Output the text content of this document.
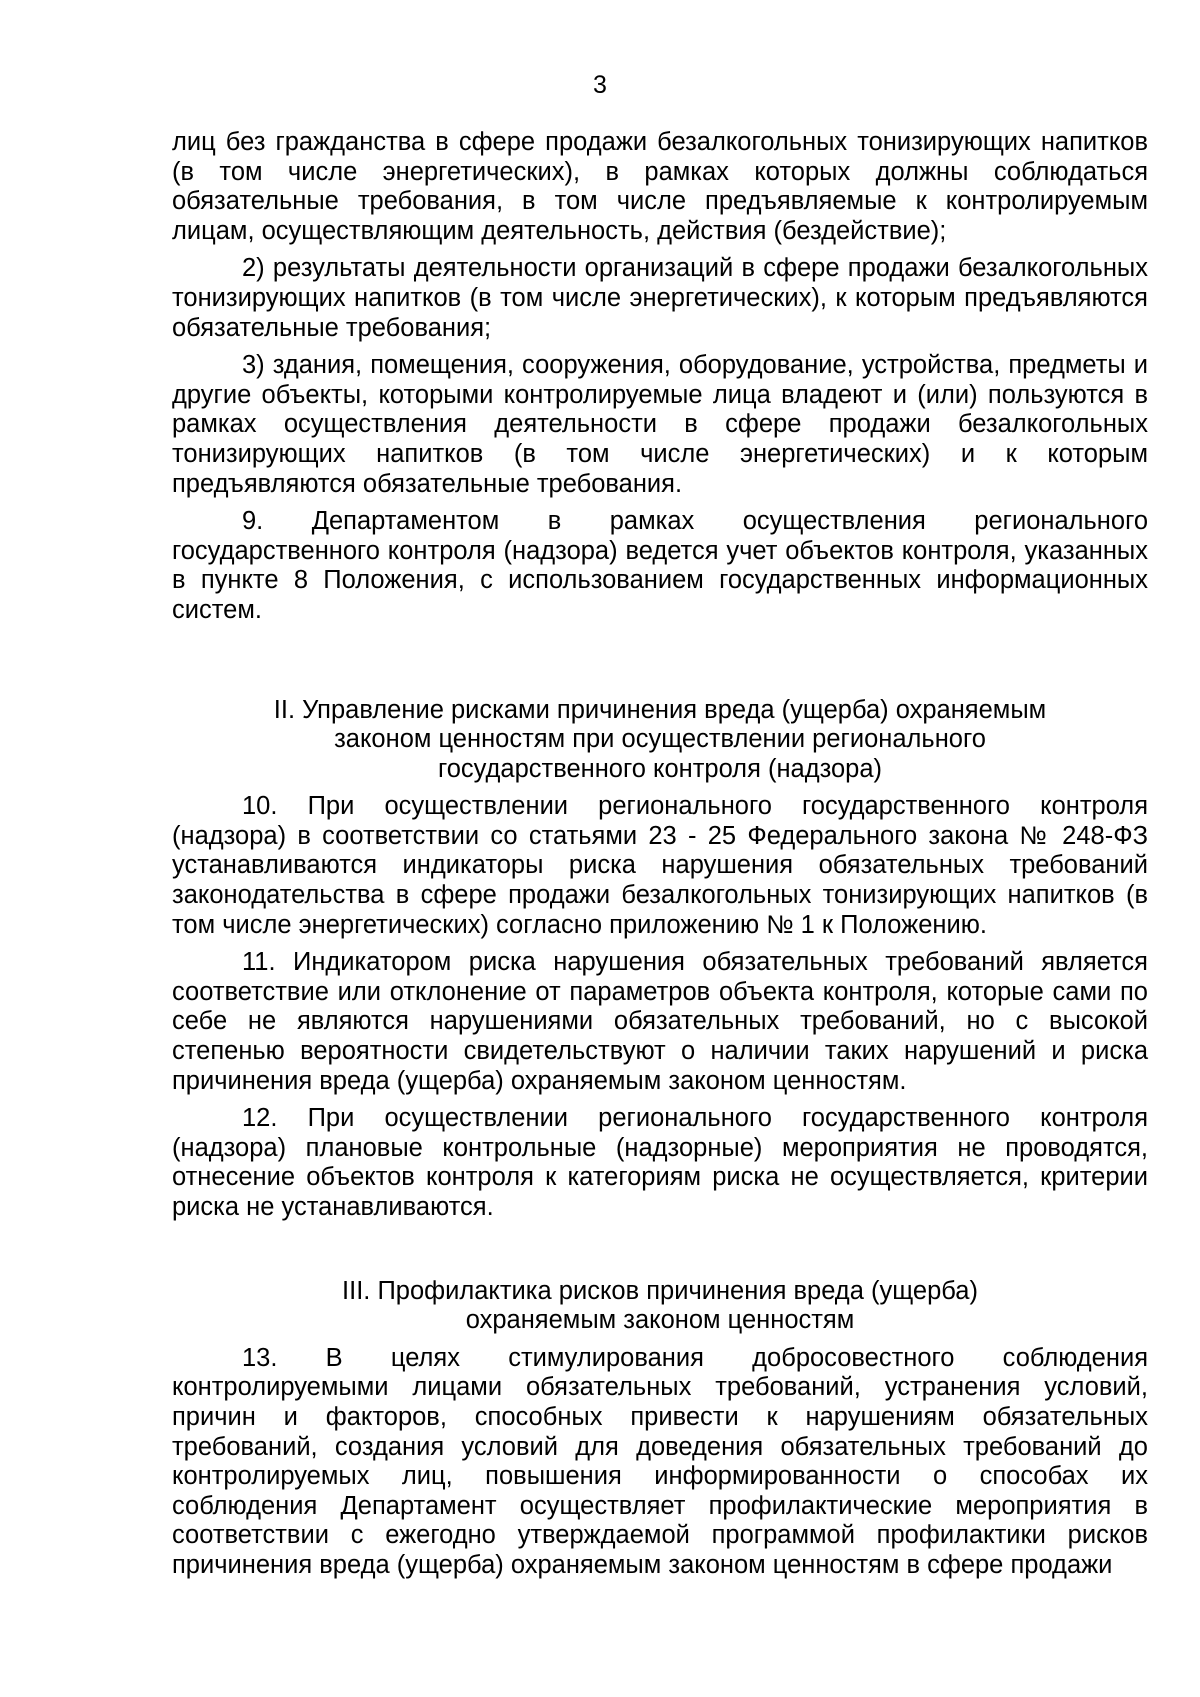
3

лиц без гражданства в сфере продажи безалкогольных тонизирующих напитков (в том числе энергетических), в рамках которых должны соблюдаться обязательные требования, в том числе предъявляемые к контролируемым лицам, осуществляющим деятельность, действия (бездействие);

2) результаты деятельности организаций в сфере продажи безалкогольных тонизирующих напитков (в том числе энергетических), к которым предъявляются обязательные требования;

3) здания, помещения, сооружения, оборудование, устройства, предметы и другие объекты, которыми контролируемые лица владеют и (или) пользуются в рамках осуществления деятельности в сфере продажи безалкогольных тонизирующих напитков (в том числе энергетических) и к которым предъявляются обязательные требования.

9. Департаментом в рамках осуществления регионального государственного контроля (надзора) ведется учет объектов контроля, указанных в пункте 8 Положения, с использованием государственных информационных систем.

II. Управление рисками причинения вреда (ущерба) охраняемым
законом ценностям при осуществлении регионального
государственного контроля (надзора)

10. При осуществлении регионального государственного контроля (надзора) в соответствии со статьями 23 - 25 Федерального закона № 248-ФЗ устанавливаются индикаторы риска нарушения обязательных требований законодательства в сфере продажи безалкогольных тонизирующих напитков (в том числе энергетических) согласно приложению № 1 к Положению.

11. Индикатором риска нарушения обязательных требований является соответствие или отклонение от параметров объекта контроля, которые сами по себе не являются нарушениями обязательных требований, но с высокой степенью вероятности свидетельствуют о наличии таких нарушений и риска причинения вреда (ущерба) охраняемым законом ценностям.

12. При осуществлении регионального государственного контроля (надзора) плановые контрольные (надзорные) мероприятия не проводятся, отнесение объектов контроля к категориям риска не осуществляется, критерии риска не устанавливаются.

III. Профилактика рисков причинения вреда (ущерба)
охраняемым законом ценностям

13. В целях стимулирования добросовестного соблюдения контролируемыми лицами обязательных требований, устранения условий, причин и факторов, способных привести к нарушениям обязательных требований, создания условий для доведения обязательных требований до контролируемых лиц, повышения информированности о способах их соблюдения Департамент осуществляет профилактические мероприятия в соответствии с ежегодно утверждаемой программой профилактики рисков причинения вреда (ущерба) охраняемым законом ценностям в сфере продажи
